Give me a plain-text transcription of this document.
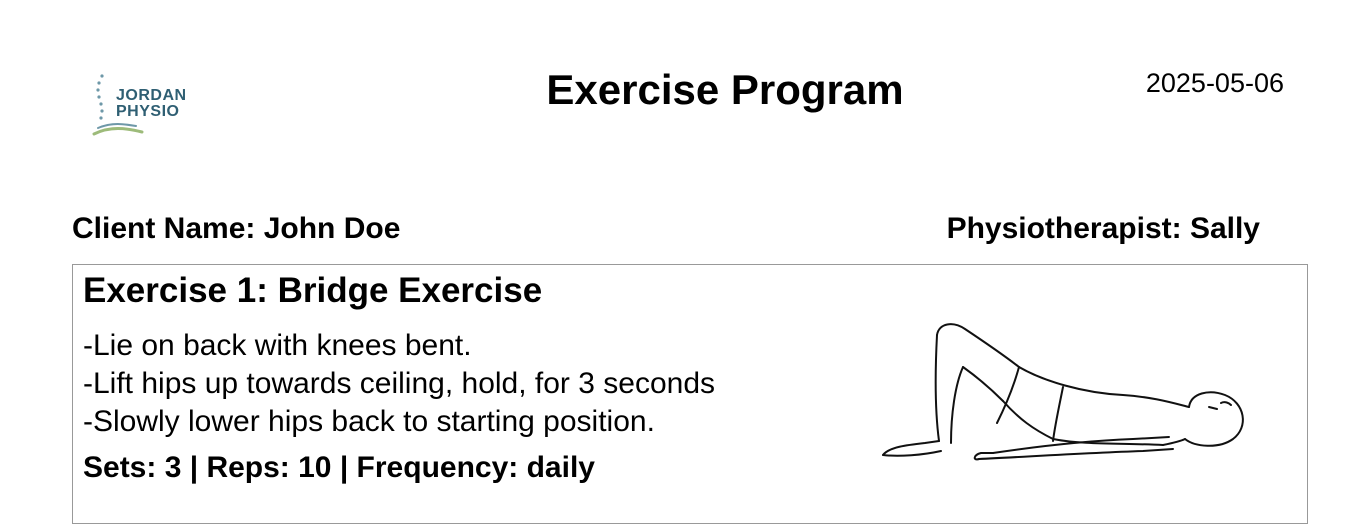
JORDAN
PHYSIO	Exercise Program	2025-05-06
Client Name: John Doe	Physiotherapist: Sally
Exercise 1: Bridge Exercise
-Lie on back with knees bent.
-Lift hips up towards ceiling, hold, for 3 seconds
-Slowly lower hips back to starting position.
Sets: 3 | Reps: 10 | Frequency: daily
